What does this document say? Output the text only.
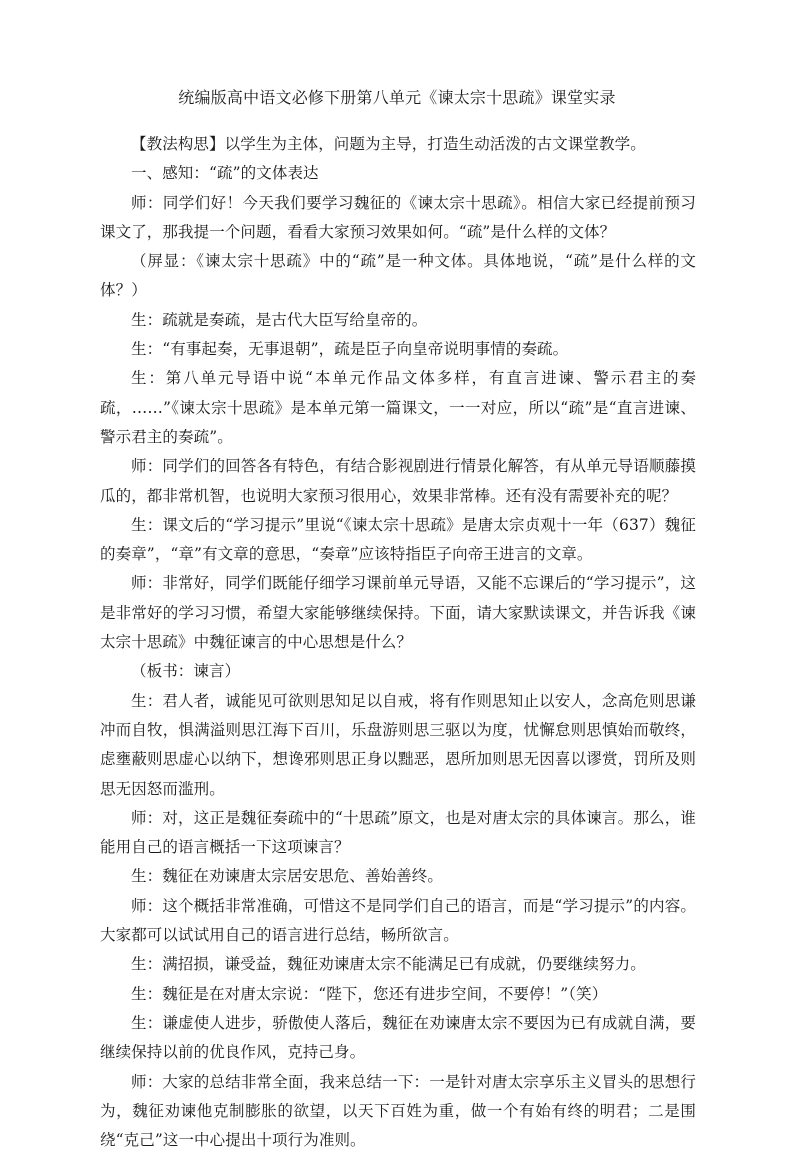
统编版高中语文必修下册第八单元《谏太宗十思疏》课堂实录

【教法构思】以学生为主体，问题为主导，打造生动活泼的古文课堂教学。

一、感知：“疏”的文体表达

师：同学们好！今天我们要学习魏征的《谏太宗十思疏》。相信大家已经提前预习课文了，那我提一个问题，看看大家预习效果如何。“疏”是什么样的文体？

（屏显：《谏太宗十思疏》中的“疏”是一种文体。具体地说，“疏”是什么样的文体？）

生：疏就是奏疏，是古代大臣写给皇帝的。

生：“有事起奏，无事退朝”，疏是臣子向皇帝说明事情的奏疏。

生：第八单元导语中说“本单元作品文体多样，有直言进谏、警示君主的奏疏，……”《谏太宗十思疏》是本单元第一篇课文，一一对应，所以“疏”是“直言进谏、警示君主的奏疏”。

师：同学们的回答各有特色，有结合影视剧进行情景化解答，有从单元导语顺藤摸瓜的，都非常机智，也说明大家预习很用心，效果非常棒。还有没有需要补充的呢？

生：课文后的“学习提示”里说“《谏太宗十思疏》是唐太宗贞观十一年（637）魏征的奏章”，“章”有文章的意思，“奏章”应该特指臣子向帝王进言的文章。

师：非常好，同学们既能仔细学习课前单元导语，又能不忘课后的“学习提示”，这是非常好的学习习惯，希望大家能够继续保持。下面，请大家默读课文，并告诉我《谏太宗十思疏》中魏征谏言的中心思想是什么？

（板书：谏言）

生：君人者，诚能见可欲则思知足以自戒，将有作则思知止以安人，念高危则思谦冲而自牧，惧满溢则思江海下百川，乐盘游则思三驱以为度，忧懈怠则思慎始而敬终，虑壅蔽则思虚心以纳下，想谗邪则思正身以黜恶，恩所加则思无因喜以谬赏，罚所及则思无因怒而滥刑。

师：对，这正是魏征奏疏中的“十思疏”原文，也是对唐太宗的具体谏言。那么，谁能用自己的语言概括一下这项谏言？

生：魏征在劝谏唐太宗居安思危、善始善终。

师：这个概括非常准确，可惜这不是同学们自己的语言，而是“学习提示”的内容。大家都可以试试用自己的语言进行总结，畅所欲言。

生：满招损，谦受益，魏征劝谏唐太宗不能满足已有成就，仍要继续努力。

生：魏征是在对唐太宗说：“陛下，您还有进步空间，不要停！”（笑）

生：谦虚使人进步，骄傲使人落后，魏征在劝谏唐太宗不要因为已有成就自满，要继续保持以前的优良作风，克持己身。

师：大家的总结非常全面，我来总结一下：一是针对唐太宗享乐主义冒头的思想行为，魏征劝谏他克制膨胀的欲望，以天下百姓为重，做一个有始有终的明君；二是围绕“克己”这一中心提出十项行为准则。
